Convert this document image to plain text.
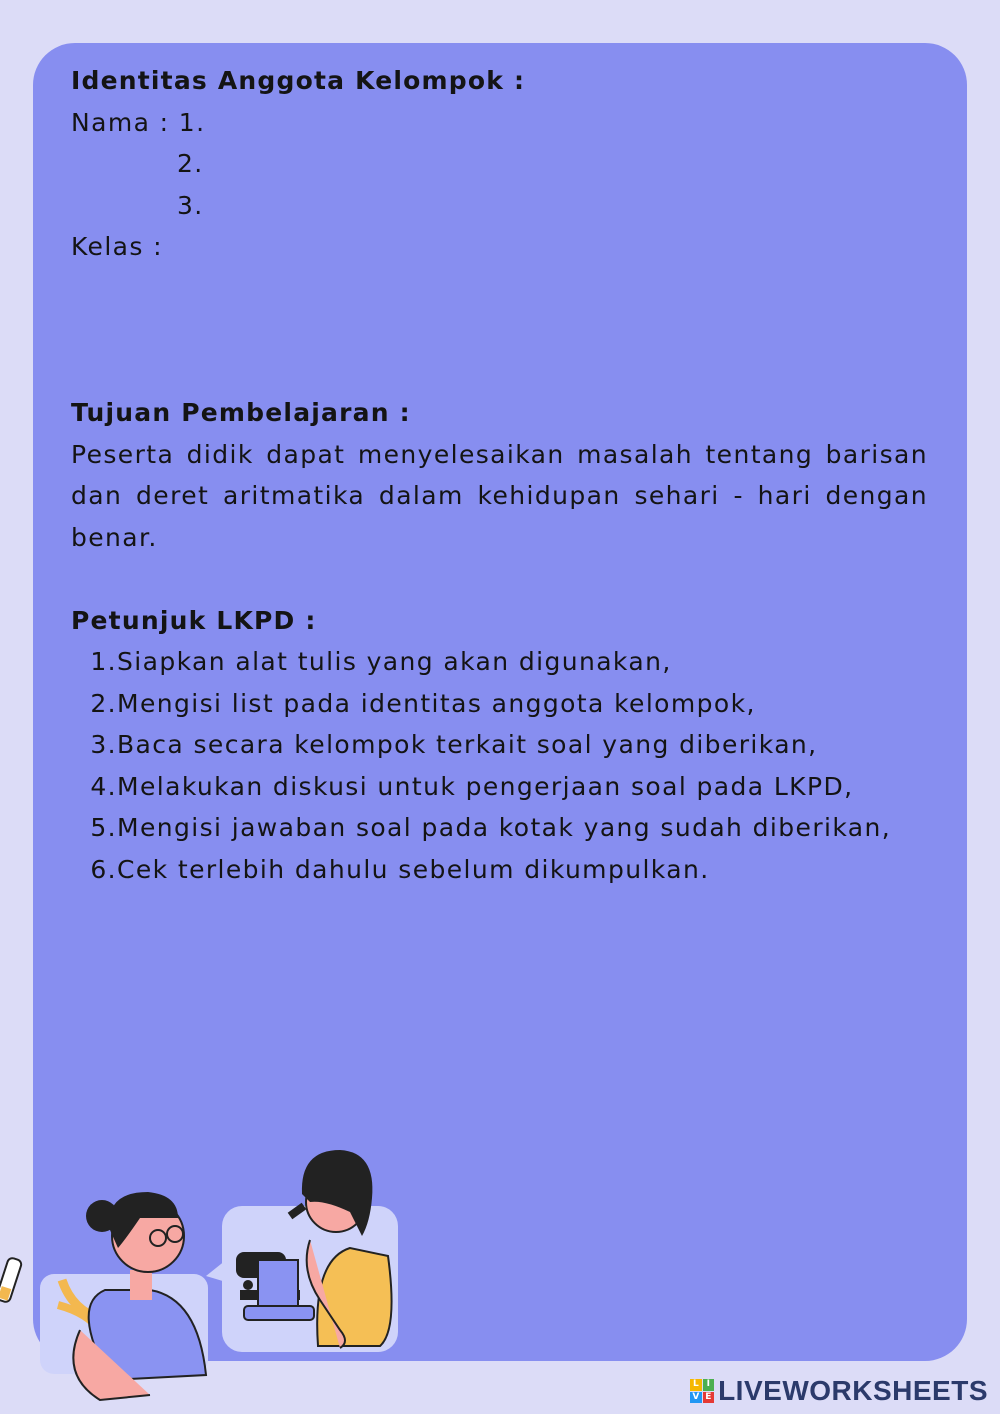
Identitas Anggota Kelompok :
Nama : 1.
2.
3.
Kelas :
Tujuan Pembelajaran :
Peserta didik dapat menyelesaikan masalah tentang barisan dan deret aritmatika dalam kehidupan sehari - hari dengan benar.
Petunjuk LKPD :
1. Siapkan alat tulis yang akan digunakan,
2. Mengisi list pada identitas anggota kelompok,
3. Baca secara kelompok terkait soal yang diberikan,
4. Melakukan diskusi untuk pengerjaan soal pada LKPD,
5. Mengisi jawaban soal pada kotak yang sudah diberikan,
6. Cek terlebih dahulu sebelum dikumpulkan.
L I
V E LIVEWORKSHEETS
